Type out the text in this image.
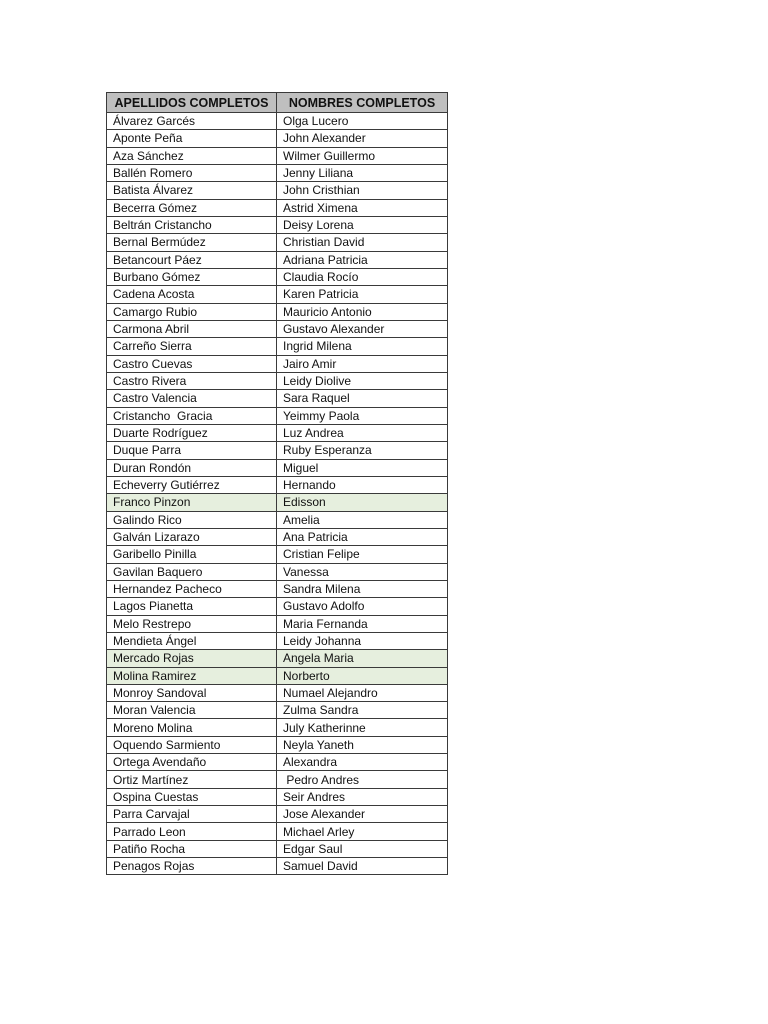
APELLIDOS COMPLETOS	NOMBRES COMPLETOS
Álvarez Garcés	Olga Lucero
Aponte Peña	John Alexander
Aza Sánchez	Wilmer Guillermo
Ballén Romero	Jenny Liliana
Batista Álvarez	John Cristhian
Becerra Gómez	Astrid Ximena
Beltrán Cristancho	Deisy Lorena
Bernal Bermúdez	Christian David
Betancourt Páez	Adriana Patricia
Burbano Gómez	Claudia Rocío
Cadena Acosta	Karen Patricia
Camargo Rubio	Mauricio Antonio
Carmona Abril	Gustavo Alexander
Carreño Sierra	Ingrid Milena
Castro Cuevas	Jairo Amir
Castro Rivera	Leidy Diolive
Castro Valencia	Sara Raquel
Cristancho  Gracia	Yeimmy Paola
Duarte Rodríguez	Luz Andrea
Duque Parra	Ruby Esperanza
Duran Rondón	Miguel
Echeverry Gutiérrez	Hernando
Franco Pinzon	Edisson
Galindo Rico	Amelia
Galván Lizarazo	Ana Patricia
Garibello Pinilla	Cristian Felipe
Gavilan Baquero	Vanessa
Hernandez Pacheco	Sandra Milena
Lagos Pianetta	Gustavo Adolfo
Melo Restrepo	Maria Fernanda
Mendieta Ángel	Leidy Johanna
Mercado Rojas	Angela Maria
Molina Ramirez	Norberto
Monroy Sandoval	Numael Alejandro
Moran Valencia	Zulma Sandra
Moreno Molina	July Katherinne
Oquendo Sarmiento	Neyla Yaneth
Ortega Avendaño	Alexandra
Ortiz Martínez	Pedro Andres
Ospina Cuestas	Seir Andres
Parra Carvajal	Jose Alexander
Parrado Leon	Michael Arley
Patiño Rocha	Edgar Saul
Penagos Rojas	Samuel David
